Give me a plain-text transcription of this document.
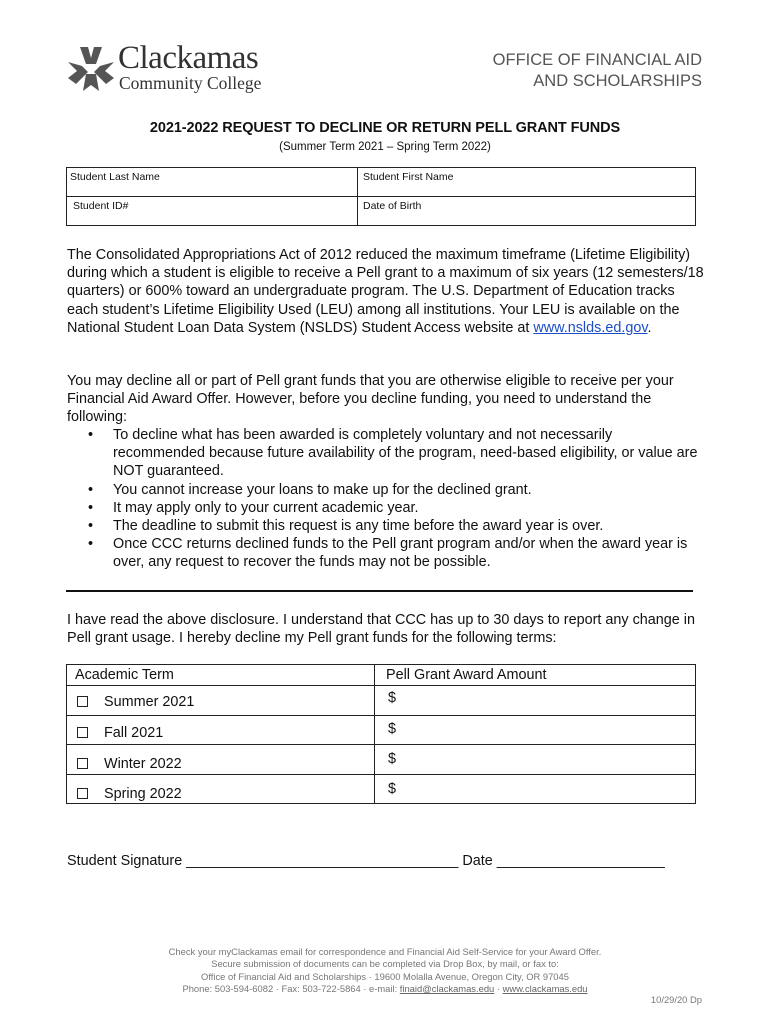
Clackamas
Community College
OFFICE OF FINANCIAL AID
AND SCHOLARSHIPS
2021-2022 REQUEST TO DECLINE OR RETURN PELL GRANT FUNDS
(Summer Term 2021 – Spring Term 2022)
Student Last Name	Student First Name
Student ID#	Date of Birth
The Consolidated Appropriations Act of 2012 reduced the maximum timeframe (Lifetime Eligibility) during which a student is eligible to receive a Pell grant to a maximum of six years (12 semesters/18 quarters) or 600% toward an undergraduate program. The U.S. Department of Education tracks each student’s Lifetime Eligibility Used (LEU) among all institutions. Your LEU is available on the National Student Loan Data System (NSLDS) Student Access website at www.nslds.ed.gov.
You may decline all or part of Pell grant funds that you are otherwise eligible to receive per your Financial Aid Award Offer. However, before you decline funding, you need to understand the following:
• To decline what has been awarded is completely voluntary and not necessarily recommended because future availability of the program, need-based eligibility, or value are NOT guaranteed.
• You cannot increase your loans to make up for the declined grant.
• It may apply only to your current academic year.
• The deadline to submit this request is any time before the award year is over.
• Once CCC returns declined funds to the Pell grant program and/or when the award year is over, any request to recover the funds may not be possible.
I have read the above disclosure. I understand that CCC has up to 30 days to report any change in Pell grant usage. I hereby decline my Pell grant funds for the following terms:
Academic Term	Pell Grant Award Amount
Summer 2021	$
Fall 2021	$
Winter 2022	$
Spring 2022	$
Student Signature __________________________________ Date _____________________
Check your myClackamas email for correspondence and Financial Aid Self-Service for your Award Offer.
Secure submission of documents can be completed via Drop Box, by mail, or fax to:
Office of Financial Aid and Scholarships · 19600 Molalla Avenue, Oregon City, OR 97045
Phone: 503-594-6082 · Fax: 503-722-5864 · e-mail: finaid@clackamas.edu · www.clackamas.edu
10/29/20 Dp
